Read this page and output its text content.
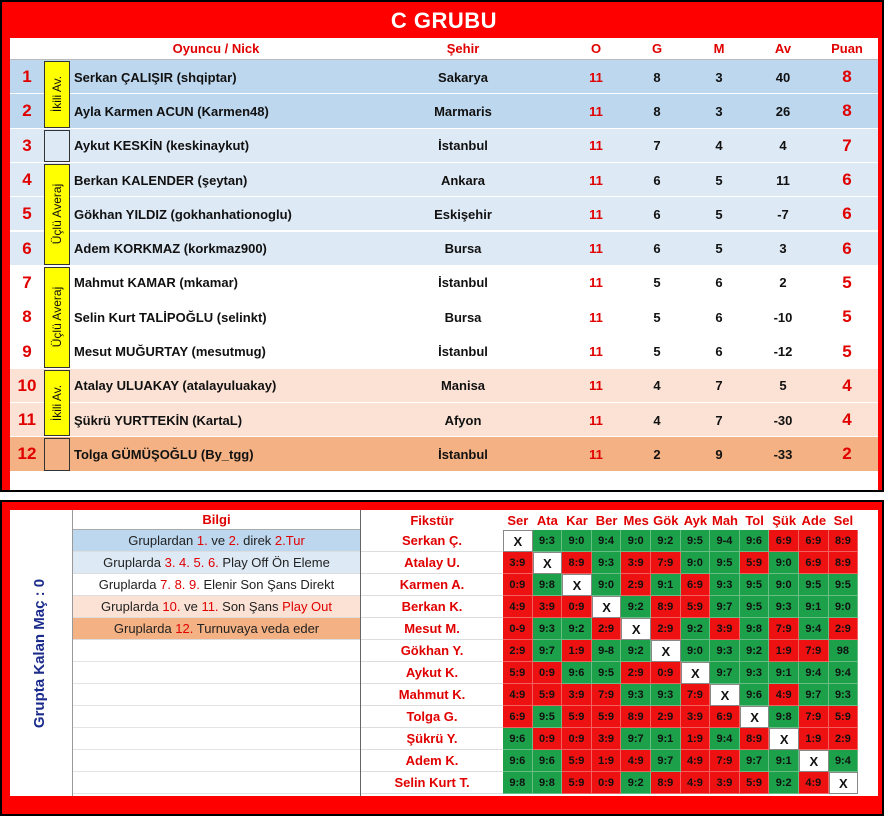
C GRUBU
Oyuncu / Nick	Şehir	O	G	M	Av	Puan
1	Serkan ÇALIŞIR (shqiptar)	Sakarya	11	8	3	40	8
2	Ayla Karmen ACUN (Karmen48)	Marmaris	11	8	3	26	8
3	Aykut KESKİN (keskinaykut)	İstanbul	11	7	4	4	7
4	Berkan KALENDER (şeytan)	Ankara	11	6	5	11	6
5	Gökhan YILDIZ (gokhanhationoglu)	Eskişehir	11	6	5	-7	6
6	Adem KORKMAZ (korkmaz900)	Bursa	11	6	5	3	6
7	Mahmut KAMAR (mkamar)	İstanbul	11	5	6	2	5
8	Selin Kurt TALİPOĞLU (selinkt)	Bursa	11	5	6	-10	5
9	Mesut MUĞURTAY (mesutmug)	İstanbul	11	5	6	-12	5
10	Atalay ULUAKAY (atalayuluakay)	Manisa	11	4	7	5	4
11	Şükrü YURTTEKİN (KartaL)	Afyon	11	4	7	-30	4
12	Tolga GÜMÜŞOĞLU (By_tgg)	İstanbul	11	2	9	-33	2
İkili Av.
Üçlü Averaj
Üçlü Averaj
İkili Av.
Grupta Kalan Maç : 0
Bilgi
Gruplardan 1. ve 2. direk 2.Tur
Gruplarda 3. 4. 5. 6. Play Off Ön Eleme
Gruplarda 7. 8. 9. Elenir Son Şans Direkt
Gruplarda 10. ve 11. Son Şans Play Out
Gruplarda 12. Turnuvaya veda eder
Fikstür	Ser Ata Kar Ber Mes Gök Ayk Mah Tol Şük Ade Sel
Serkan Ç.	X	9:3	9:0	9:4	9:0	9:2	9:5	9-4	9:6	6:9	6:9	8:9
Atalay U.	3:9	X	8:9	9:3	3:9	7:9	9:0	9:5	5:9	9:0	6:9	8:9
Karmen A.	0:9	9:8	X	9:0	2:9	9:1	6:9	9:3	9:5	9:0	9:5	9:5
Berkan K.	4:9	3:9	0:9	X	9:2	8:9	5:9	9:7	9:5	9:3	9:1	9:0
Mesut M.	0-9	9:3	9:2	2:9	X	2:9	9:2	3:9	9:8	7:9	9:4	2:9
Gökhan Y.	2:9	9:7	1:9	9-8	9:2	X	9:0	9:3	9:2	1:9	7:9	98
Aykut K.	5:9	0:9	9:6	9:5	2:9	0:9	X	9:7	9:3	9:1	9:4	9:4
Mahmut K.	4:9	5:9	3:9	7:9	9:3	9:3	7:9	X	9:6	4:9	9:7	9:3
Tolga G.	6:9	9:5	5:9	5:9	8:9	2:9	3:9	6:9	X	9:8	7:9	5:9
Şükrü Y.	9:6	0:9	0:9	3:9	9:7	9:1	1:9	9:4	8:9	X	1:9	2:9
Adem K.	9:6	9:6	5:9	1:9	4:9	9:7	4:9	7:9	9:7	9:1	X	9:4
Selin Kurt T.	9:8	9:8	5:9	0:9	9:2	8:9	4:9	3:9	5:9	9:2	4:9	X
